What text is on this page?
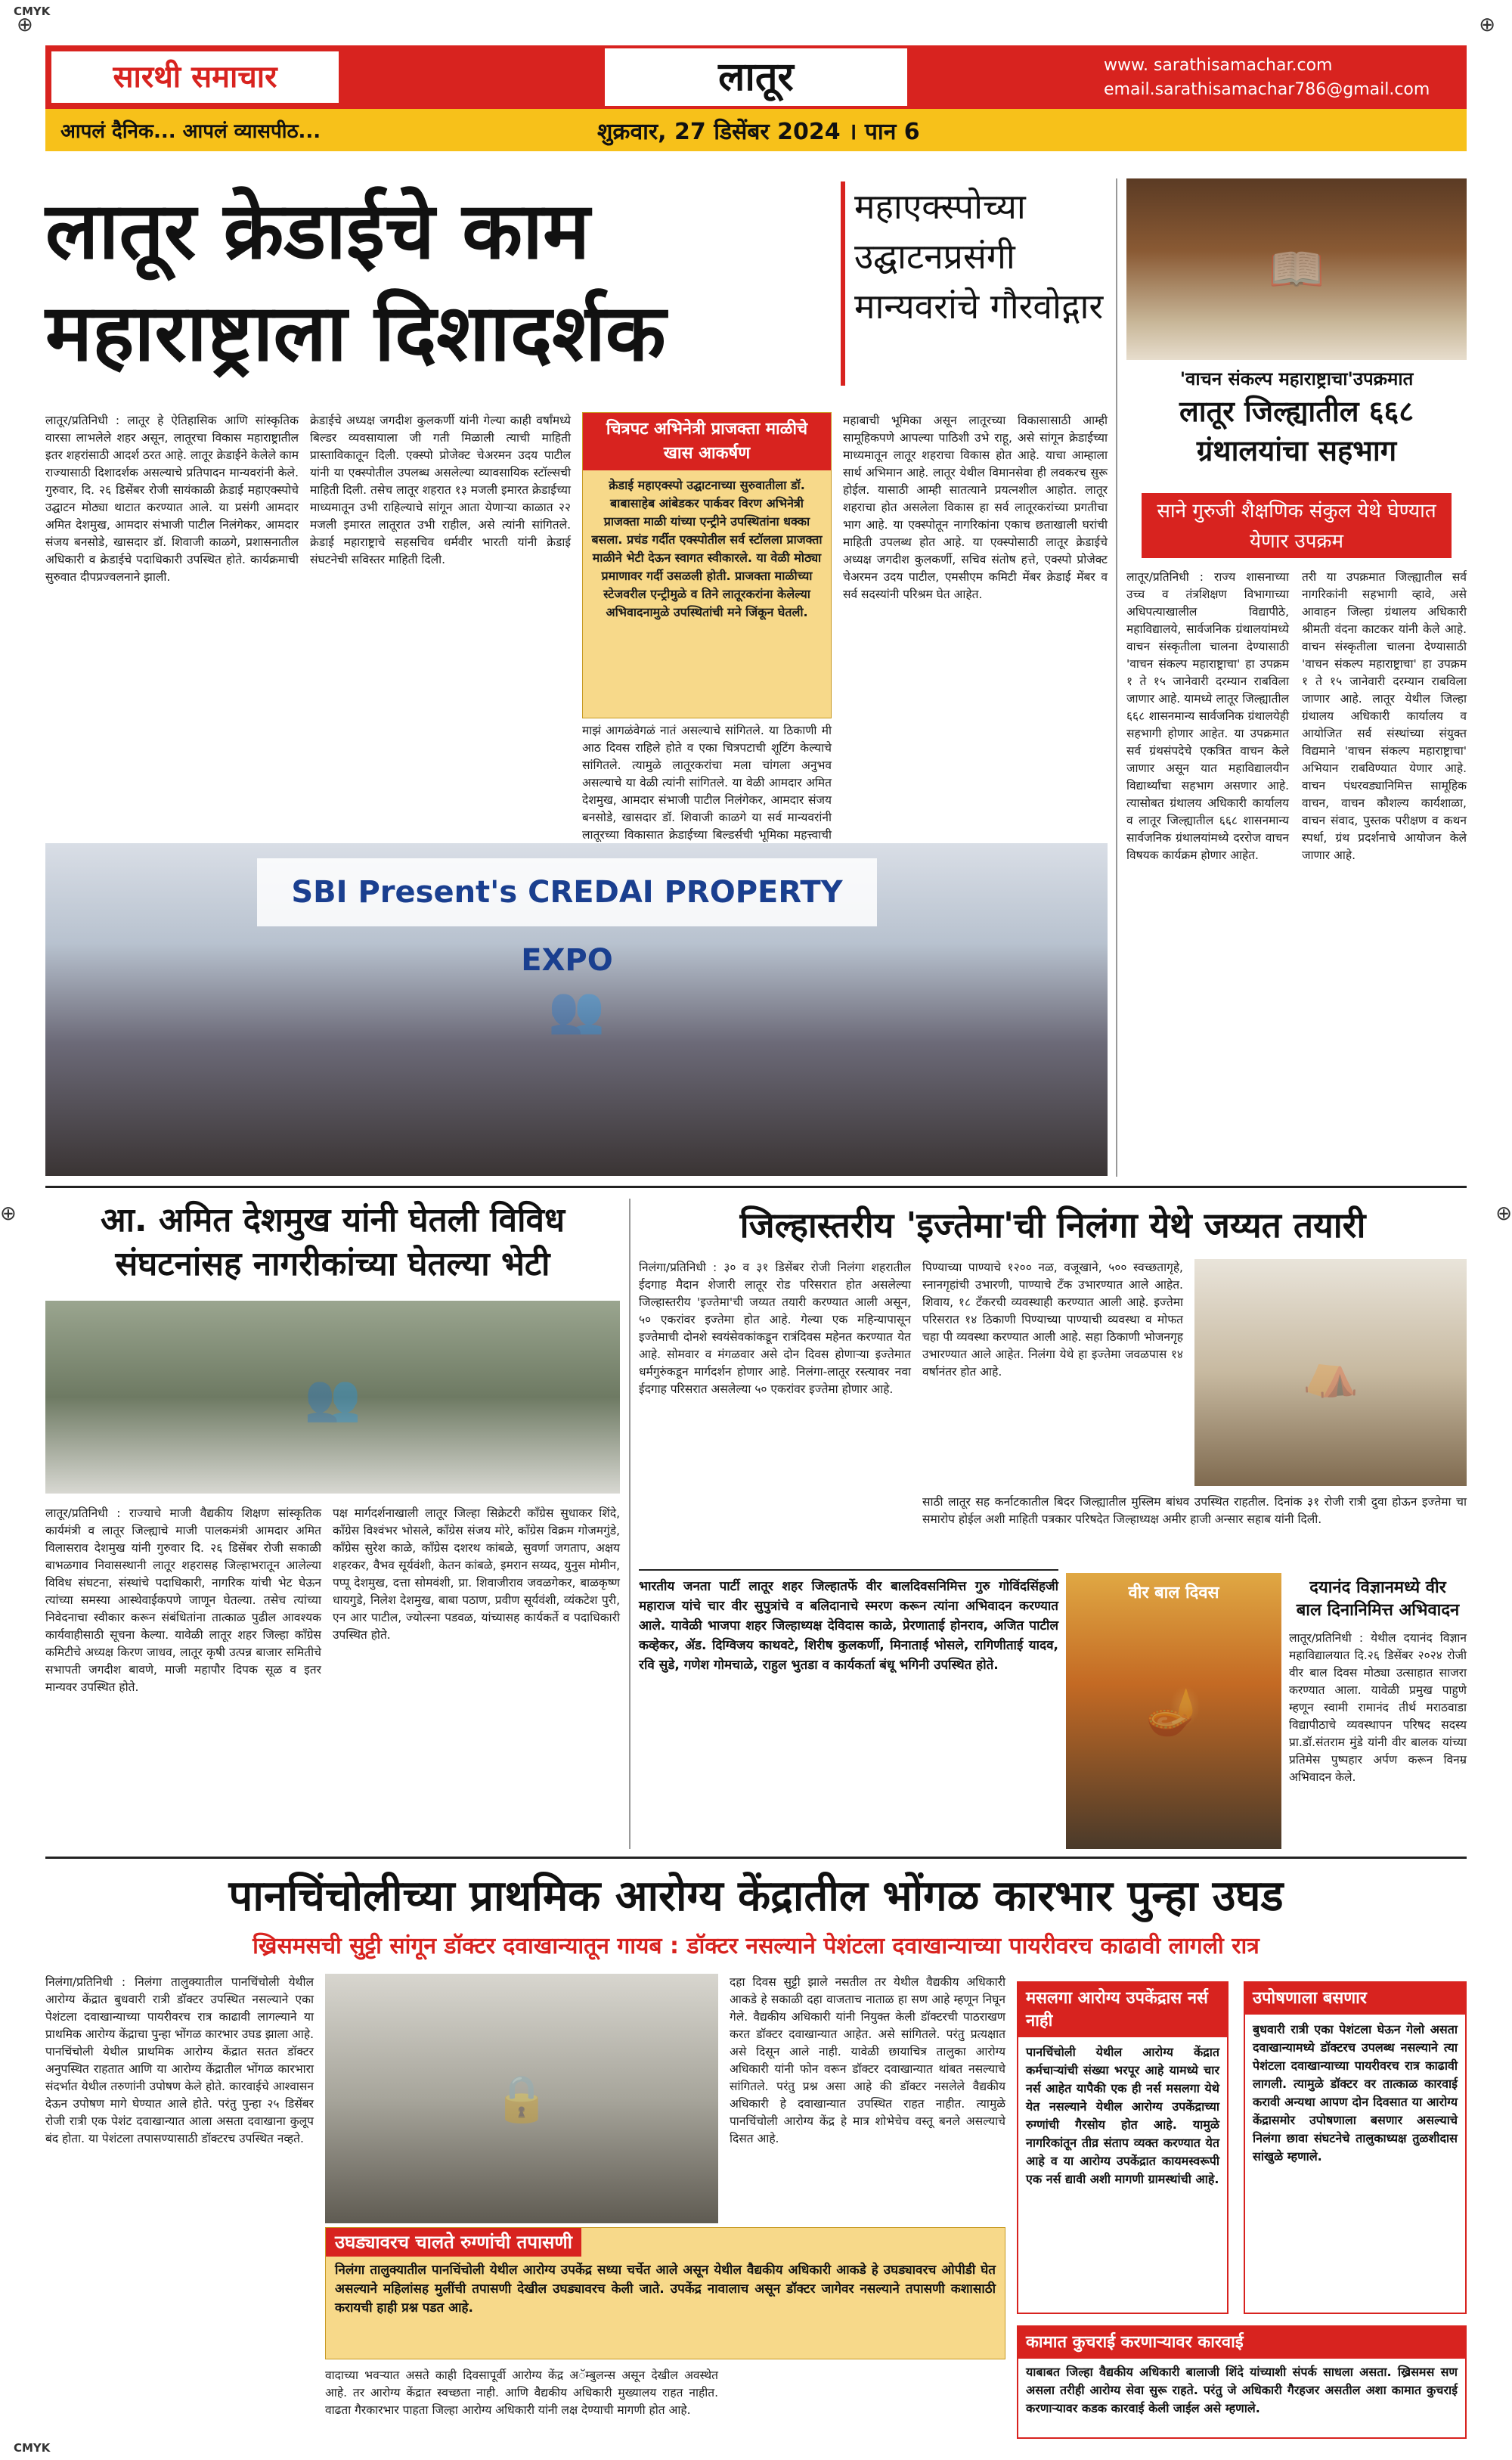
CMYK
⊕	⊕
⊕	⊕
CMYK
सारथी समाचार	लातूर	www. sarathisamachar.com
email.sarathisamachar786@gmail.com
आपलं दैनिक... आपलं व्यासपीठ...	शुक्रवार, 27 डिसेंबर 2024 । पान 6
लातूर क्रेडाईचे काम
महाराष्ट्राला दिशादर्शक
महाएक्स्पोच्या उद्घाटनप्रसंगी मान्यवरांचे गौरवोद्गार
📖
'वाचन संकल्प महाराष्ट्राचा'उपक्रमात
लातूर जिल्ह्यातील ६६८ ग्रंथालयांचा सहभाग
साने गुरुजी शैक्षणिक संकुल येथे घेण्यात येणार उपक्रम
लातूर/प्रतिनिधी : राज्य शासनाच्या उच्च व तंत्रशिक्षण विभागाच्या अधिपत्याखालील विद्यापीठे, महाविद्यालये, सार्वजनिक ग्रंथालयांमध्ये वाचन संस्कृतीला चालना देण्यासाठी 'वाचन संकल्प महाराष्ट्राचा' हा उपक्रम १ ते १५ जानेवारी दरम्यान राबविला जाणार आहे. यामध्ये लातूर जिल्ह्यातील ६६८ शासनमान्य सार्वजनिक ग्रंथालयेही सहभागी होणार आहेत. या उपक्रमात सर्व ग्रंथसंपदेचे एकत्रित वाचन केले जाणार असून यात महाविद्यालयीन विद्यार्थ्यांचा सहभाग असणार आहे. त्यासोबत ग्रंथालय अधिकारी कार्यालय व लातूर जिल्ह्यातील ६६८ शासनमान्य सार्वजनिक ग्रंथालयांमध्ये दररोज वाचन विषयक कार्यक्रम होणार आहेत.
तरी या उपक्रमात जिल्ह्यातील सर्व नागरिकांनी सहभागी व्हावे, असे आवाहन जिल्हा ग्रंथालय अधिकारी श्रीमती वंदना काटकर यांनी केले आहे. वाचन संस्कृतीला चालना देण्यासाठी 'वाचन संकल्प महाराष्ट्राचा' हा उपक्रम १ ते १५ जानेवारी दरम्यान राबविला जाणार आहे. लातूर येथील जिल्हा ग्रंथालय अधिकारी कार्यालय व आयोजित सर्व संस्थांच्या संयुक्त विद्यमाने 'वाचन संकल्प महाराष्ट्राचा' अभियान राबविण्यात येणार आहे. वाचन पंधरवड्यानिमित्त सामूहिक वाचन, वाचन कौशल्य कार्यशाळा, वाचन संवाद, पुस्तक परीक्षण व कथन स्पर्धा, ग्रंथ प्रदर्शनाचे आयोजन केले जाणार आहे.
लातूर/प्रतिनिधी : लातूर हे ऐतिहासिक आणि सांस्कृतिक वारसा लाभलेले शहर असून, लातूरचा विकास महाराष्ट्रातील इतर शहरांसाठी आदर्श ठरत आहे. लातूर क्रेडाईने केलेले काम राज्यासाठी दिशादर्शक असल्याचे प्रतिपादन मान्यवरांनी केले. गुरुवार, दि. २६ डिसेंबर रोजी सायंकाळी क्रेडाई महाएक्स्पोचे उद्घाटन मोठ्या थाटात करण्यात आले. या प्रसंगी आमदार अमित देशमुख, आमदार संभाजी पाटील निलंगेकर, आमदार संजय बनसोडे, खासदार डॉ. शिवाजी काळगे, प्रशासनातील अधिकारी व क्रेडाईचे पदाधिकारी उपस्थित होते. कार्यक्रमाची सुरुवात दीपप्रज्वलनाने झाली.
क्रेडाईचे अध्यक्ष जगदीश कुलकर्णी यांनी गेल्या काही वर्षांमध्ये बिल्डर व्यवसायाला जी गती मिळाली त्याची माहिती प्रास्ताविकातून दिली. एक्स्पो प्रोजेक्ट चेअरमन उदय पाटील यांनी या एक्स्पोतील उपलब्ध असलेल्या व्यावसायिक स्टॉल्सची माहिती दिली. तसेच लातूर शहरात १३ मजली इमारत क्रेडाईच्या माध्यमातून उभी राहिल्याचे सांगून आता येणाऱ्या काळात २२ मजली इमारत लातूरात उभी राहील, असे त्यांनी सांगितले. क्रेडाई महाराष्ट्राचे सहसचिव धर्मवीर भारती यांनी क्रेडाई संघटनेची सविस्तर माहिती दिली.
चित्रपट अभिनेत्री प्राजक्ता माळीचे खास आकर्षण
क्रेडाई महाएक्स्पो उद्घाटनाच्या सुरुवातीला डॉ. बाबासाहेब आंबेडकर पार्कवर विरण अभिनेत्री प्राजक्ता माळी यांच्या एन्ट्रीने उपस्थितांना धक्का बसला. प्रचंड गर्दीत एक्स्पोतील सर्व स्टॉलला प्राजक्ता माळीने भेटी देऊन स्वागत स्वीकारले. या वेळी मोठ्या प्रमाणावर गर्दी उसळली होती. प्राजक्ता माळीच्या स्टेजवरील एन्ट्रीमुळे व तिने लातूरकरांना केलेल्या अभिवादनामुळे उपस्थितांची मने जिंकून घेतली.
माझं आगळंवेगळं नातं असल्याचे सांगितले. या ठिकाणी मी आठ दिवस राहिले होते व एका चित्रपटाची शूटिंग केल्याचे सांगितले. त्यामुळे लातूरकरांचा मला चांगला अनुभव असल्याचे या वेळी त्यांनी सांगितले. या वेळी आमदार अमित देशमुख, आमदार संभाजी पाटील निलंगेकर, आमदार संजय बनसोडे, खासदार डॉ. शिवाजी काळगे या सर्व मान्यवरांनी लातूरच्या विकासात क्रेडाईच्या बिल्डर्सची भूमिका महत्त्वाची
महाबाची भूमिका असून लातूरच्या विकासासाठी आम्ही सामूहिकपणे आपल्या पाठिशी उभे राहू, असे सांगून क्रेडाईच्या माध्यमातून लातूर शहराचा विकास होत आहे. याचा आम्हाला सार्थ अभिमान आहे. लातूर येथील विमानसेवा ही लवकरच सुरू होईल. यासाठी आम्ही सातत्याने प्रयत्नशील आहोत. लातूर शहराचा होत असलेला विकास हा सर्व लातूरकरांच्या प्रगतीचा भाग आहे. या एक्स्पोतून नागरिकांना एकाच छताखाली घरांची माहिती उपलब्ध होत आहे. या एक्स्पोसाठी लातूर क्रेडाईचे अध्यक्ष जगदीश कुलकर्णी, सचिव संतोष हत्ते, एक्स्पो प्रोजेक्ट चेअरमन उदय पाटील, एमसीएम कमिटी मेंबर क्रेडाई मेंबर व सर्व सदस्यांनी परिश्रम घेत आहेत.
SBI Present's CREDAI PROPERTY EXPO
👥
आ. अमित देशमुख यांनी घेतली विविध
संघटनांसह नागरीकांच्या घेतल्या भेटी
👥
लातूर/प्रतिनिधी : राज्याचे माजी वैद्यकीय शिक्षण सांस्कृतिक कार्यमंत्री व लातूर जिल्ह्याचे माजी पालकमंत्री आमदार अमित विलासराव देशमुख यांनी गुरुवार दि. २६ डिसेंबर रोजी सकाळी बाभळगाव निवासस्थानी लातूर शहरासह जिल्हाभरातून आलेल्या विविध संघटना, संस्थांचे पदाधिकारी, नागरिक यांची भेट घेऊन त्यांच्या समस्या आस्थेवाईकपणे जाणून घेतल्या. तसेच त्यांच्या निवेदनाचा स्वीकार करून संबंधितांना तात्काळ पुढील आवश्यक कार्यवाहीसाठी सूचना केल्या. यावेळी लातूर शहर जिल्हा काँग्रेस कमिटीचे अध्यक्ष किरण जाधव, लातूर कृषी उत्पन्न बाजार समितीचे सभापती जगदीश बावणे, माजी महापौर दिपक सूळ व इतर मान्यवर उपस्थित होते.
पक्ष मार्गदर्शनाखाली लातूर जिल्हा सिक्रेटरी काँग्रेस सुधाकर शिंदे, काँग्रेस विश्वंभर भोसले, काँग्रेस संजय मोरे, काँग्रेस विक्रम गोजमगुंडे, काँग्रेस सुरेश काळे, काँग्रेस दशरथ कांबळे, सुवर्णा जगताप, अक्षय शहरकर, वैभव सूर्यवंशी, केतन कांबळे, इमरान सय्यद, युनुस मोमीन, पप्पू देशमुख, दत्ता सोमवंशी, प्रा. शिवाजीराव जवळगेकर, बाळकृष्ण धायगुडे, निलेश देशमुख, बाबा पठाण, प्रवीण सूर्यवंशी, व्यंकटेश पुरी, एन आर पाटील, ज्योत्स्ना पडवळ, यांच्यासह कार्यकर्ते व पदाधिकारी उपस्थित होते.
जिल्हास्तरीय 'इज्तेमा'ची निलंगा येथे जय्यत तयारी
निलंगा/प्रतिनिधी : ३० व ३१ डिसेंबर रोजी निलंगा शहरातील ईदगाह मैदान शेजारी लातूर रोड परिसरात होत असलेल्या जिल्हास्तरीय 'इज्तेमा'ची जय्यत तयारी करण्यात आली असून, ५० एकरांवर इज्तेमा होत आहे. गेल्या एक महिन्यापासून इज्तेमाची दोनशे स्वयंसेवकांकडून रात्रंदिवस महेनत करण्यात येत आहे. सोमवार व मंगळवार असे दोन दिवस होणाऱ्या इज्तेमात धर्मगुरुंकडून मार्गदर्शन होणार आहे. निलंगा-लातूर रस्त्यावर नवा ईदगाह परिसरात असलेल्या ५० एकरांवर इज्तेमा होणार आहे.
पिण्याच्या पाण्याचे १२०० नळ, वजूखाने, ५०० स्वच्छतागृहे, स्नानगृहांची उभारणी, पाण्याचे टँक उभारण्यात आले आहेत. शिवाय, १८ टँकरची व्यवस्थाही करण्यात आली आहे. इज्तेमा परिसरात १४ ठिकाणी पिण्याच्या पाण्याची व्यवस्था व मोफत चहा पी व्यवस्था करण्यात आली आहे. सहा ठिकाणी भोजनगृह उभारण्यात आले आहेत. निलंगा येथे हा इज्तेमा जवळपास १४ वर्षानंतर होत आहे.	⛺
साठी लातूर सह कर्नाटकातील बिदर जिल्ह्यातील मुस्लिम बांधव उपस्थित राहतील. दिनांक ३१ रोजी रात्री दुवा होऊन इज्तेमा चा समारोप होईल अशी माहिती पत्रकार परिषदेत जिल्हाध्यक्ष अमीर हाजी अन्सार सहाब यांनी दिली.
भारतीय जनता पार्टी लातूर शहर जिल्हातर्फे वीर बालदिवसनिमित्त गुरु गोविंदसिंहजी महाराज यांचे चार वीर सुपुत्रांचे व बलिदानाचे स्मरण करून त्यांना अभिवादन करण्यात आले. यावेळी भाजपा शहर जिल्हाध्यक्ष देविदास काळे, प्रेरणाताई होनराव, अजित पाटील कव्हेकर, ॲड. दिग्विजय काथवटे, शिरीष कुलकर्णी, मिनाताई भोसले, रागिणीताई यादव, रवि सुडे, गणेश गोमचाळे, राहुल भुतडा व कार्यकर्ता बंधू भगिनी उपस्थित होते.
वीर बाल दिवस
🪔
दयानंद विज्ञानमध्ये वीर
बाल दिनानिमित्त अभिवादन
लातूर/प्रतिनिधी : येथील दयानंद विज्ञान महाविद्यालयात दि.२६ डिसेंबर २०२४ रोजी वीर बाल दिवस मोठ्या उत्साहात साजरा करण्यात आला. यावेळी प्रमुख पाहुणे म्हणून स्वामी रामानंद तीर्थ मराठवाडा विद्यापीठाचे व्यवस्थापन परिषद सदस्य प्रा.डॉ.संतराम मुंडे यांनी वीर बालक यांच्या प्रतिमेस पुष्पहार अर्पण करून विनम्र अभिवादन केले.
पानचिंचोलीच्या प्राथमिक आरोग्य केंद्रातील भोंगळ कारभार पुन्हा उघड
ख्रिसमसची सुट्टी सांगून डॉक्टर दवाखान्यातून गायब : डॉक्टर नसल्याने पेशंटला दवाखान्याच्या पायरीवरच काढावी लागली रात्र
निलंगा/प्रतिनिधी : निलंगा तालुक्यातील पानचिंचोली येथील आरोग्य केंद्रात बुधवारी रात्री डॉक्टर उपस्थित नसल्याने एका पेशंटला दवाखान्याच्या पायरीवरच रात्र काढावी लागल्याने या प्राथमिक आरोग्य केंद्राचा पुन्हा भोंगळ कारभार उघड झाला आहे. पानचिंचोली येथील प्राथमिक आरोग्य केंद्रात सतत डॉक्टर अनुपस्थित राहतात आणि या आरोग्य केंद्रातील भोंगळ कारभारा संदर्भात येथील तरुणांनी उपोषण केले होते. कारवाईचे आश्वासन देऊन उपोषण मागे घेण्यात आले होते. परंतु पुन्हा २५ डिसेंबर रोजी रात्री एक पेशंट दवाखान्यात आला असता दवाखाना कुलूप बंद होता. या पेशंटला तपासण्यासाठी डॉक्टरच उपस्थित नव्हते.
🔒
उघड्यावरच चालते रुग्णांची तपासणी
निलंगा तालुक्यातील पानचिंचोली येथील आरोग्य उपकेंद्र सध्या चर्चेत आले असून येथील वैद्यकीय अधिकारी आकडे हे उघड्यावरच ओपीडी घेत असल्याने महिलांसह मुलींची तपासणी देखील उघड्यावरच केली जाते. उपकेंद्र नावालाच असून डॉक्टर जागेवर नसल्याने तपासणी कशासाठी करायची हाही प्रश्न पडत आहे.
वादाच्या भवऱ्यात असते काही दिवसापूर्वी आरोग्य केंद्र अॅम्बुलन्स असून देखील अवस्थेत आहे. तर आरोग्य केंद्रात स्वच्छता नाही. आणि वैद्यकीय अधिकारी मुख्यालय राहत नाहीत. वाढता गैरकारभार पाहता जिल्हा आरोग्य अधिकारी यांनी लक्ष देण्याची मागणी होत आहे.
दहा दिवस सुट्टी झाले नसतील तर येथील वैद्यकीय अधिकारी आकडे हे सकाळी दहा वाजताच नाताळ हा सण आहे म्हणून निघून गेले. वैद्यकीय अधिकारी यांनी नियुक्त केली डॉक्टरची पाठराखण करत डॉक्टर दवाखान्यात आहेत. असे सांगितले. परंतु प्रत्यक्षात असे दिसून आले नाही. यावेळी छायाचित्र तालुका आरोग्य अधिकारी यांनी फोन वरून डॉक्टर दवाखान्यात थांबत नसल्याचे सांगितले. परंतु प्रश्न असा आहे की डॉक्टर नसलेले वैद्यकीय अधिकारी हे दवाखान्यात उपस्थित राहत नाहीत. त्यामुळे पानचिंचोली आरोग्य केंद्र हे मात्र शोभेचेच वस्तू बनले असल्याचे दिसत आहे.
मसलगा आरोग्य उपकेंद्रास नर्स नाही
पानचिंचोली येथील आरोग्य केंद्रात कर्मचाऱ्यांची संख्या भरपूर आहे यामध्ये चार नर्स आहेत यापैकी एक ही नर्स मसलगा येथे येत नसल्याने येथील आरोग्य उपकेंद्राच्या रुग्णांची गैरसोय होत आहे. यामुळे नागरिकांतून तीव्र संताप व्यक्त करण्यात येत आहे व या आरोग्य उपकेंद्रात कायमस्वरूपी एक नर्स द्यावी अशी मागणी ग्रामस्थांची आहे.
उपोषणाला बसणार
बुधवारी रात्री एका पेशंटला घेऊन गेलो असता दवाखान्यामध्ये डॉक्टरच उपलब्ध नसल्याने त्या पेशंटला दवाखान्याच्या पायरीवरच रात्र काढावी लागली. त्यामुळे डॉक्टर वर तात्काळ कारवाई करावी अन्यथा आपण दोन दिवसात या आरोग्य केंद्रासमोर उपोषणाला बसणार असल्याचे निलंगा छावा संघटनेचे तालुकाध्यक्ष तुळशीदास सांखुळे म्हणाले.
कामात कुचराई करणाऱ्यावर कारवाई
याबाबत जिल्हा वैद्यकीय अधिकारी बालाजी शिंदे यांच्याशी संपर्क साधला असता. ख्रिसमस सण असला तरीही आरोग्य सेवा सुरू राहते. परंतु जे अधिकारी गैरहजर असतील अशा कामात कुचराई करणाऱ्यावर कडक कारवाई केली जाईल असे म्हणाले.
